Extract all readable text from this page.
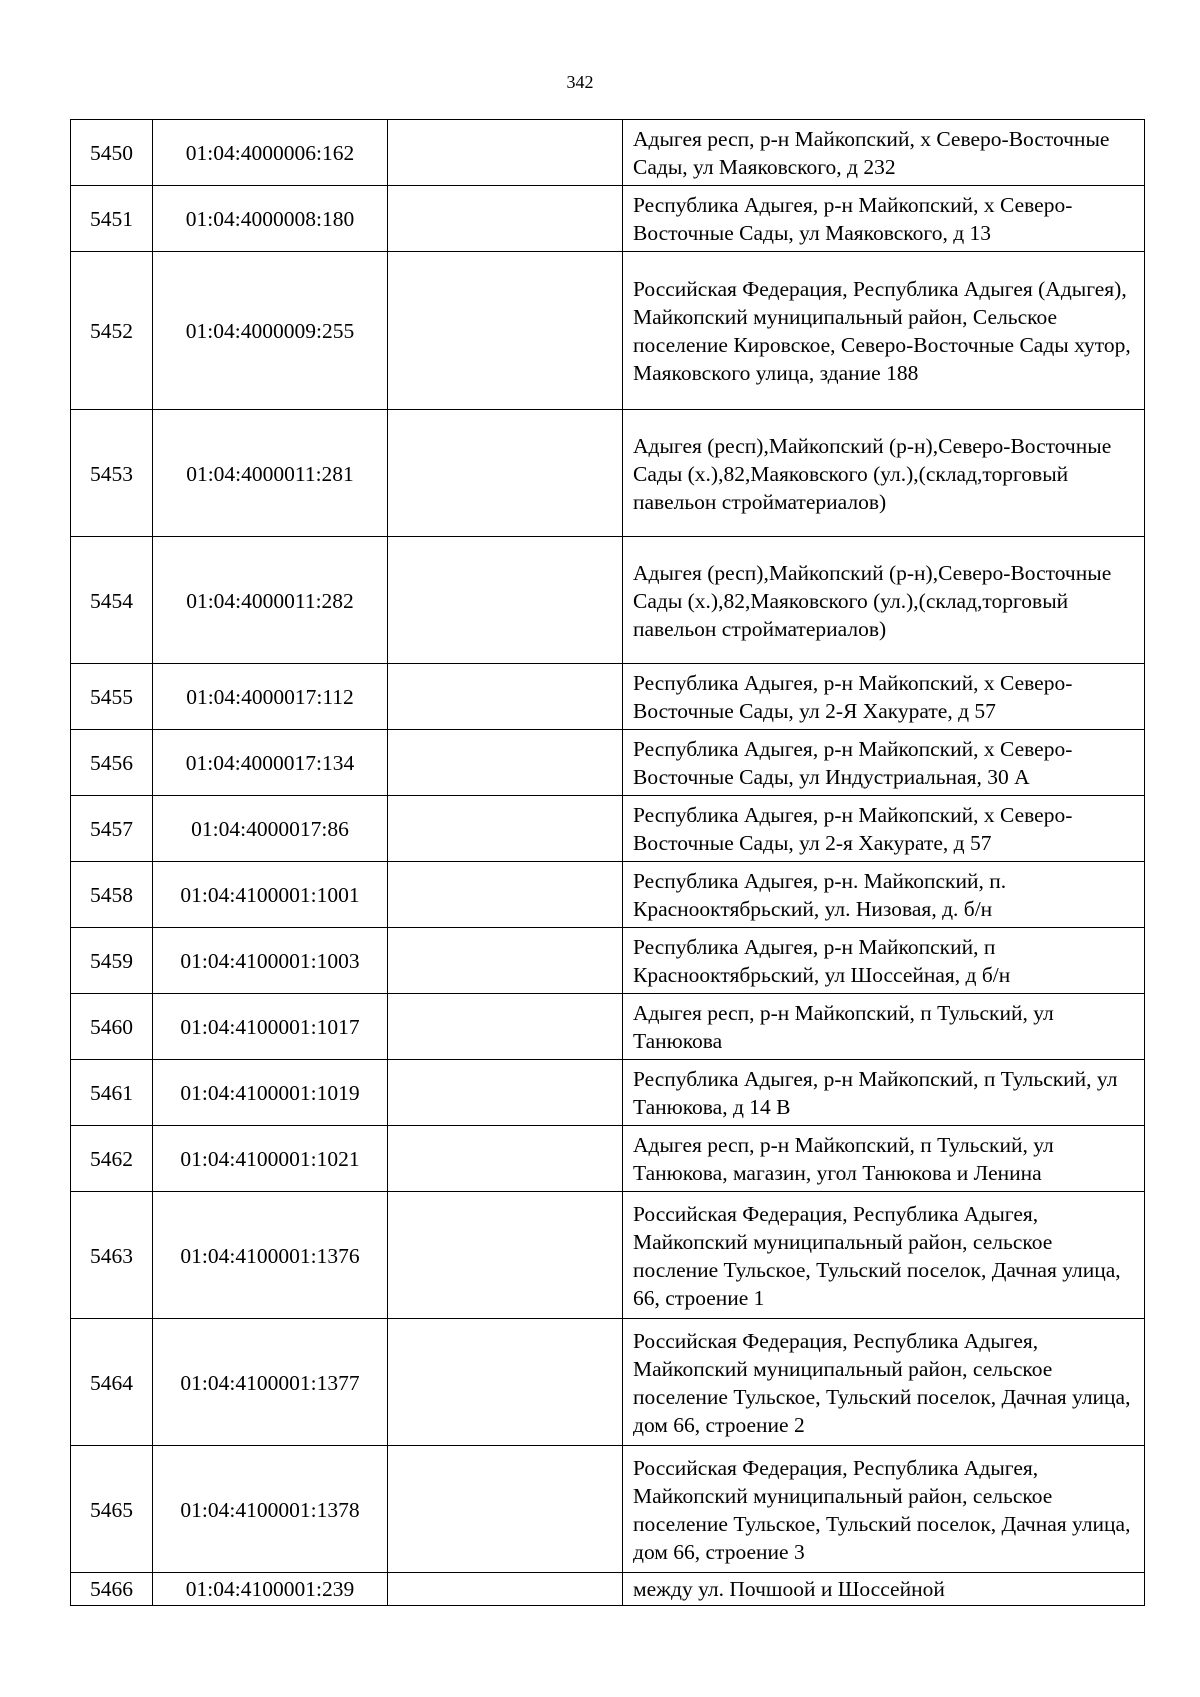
342
5450	01:04:4000006:162		Адыгея респ, р-н Майкопский, х Северо-Восточные Сады, ул Маяковского, д 232
5451	01:04:4000008:180		Республика Адыгея, р-н Майкопский, х Северо-Восточные Сады, ул Маяковского, д 13
5452	01:04:4000009:255		Российская Федерация, Республика Адыгея (Адыгея), Майкопский муниципальный район, Сельское поселение Кировское, Северо-Восточные Сады хутор, Маяковского улица, здание 188
5453	01:04:4000011:281		Адыгея (респ),Майкопский (р-н),Северо-Восточные Сады (х.),82,Маяковского (ул.),(склад,торговый павельон стройматериалов)
5454	01:04:4000011:282		Адыгея (респ),Майкопский (р-н),Северо-Восточные Сады (х.),82,Маяковского (ул.),(склад,торговый павельон стройматериалов)
5455	01:04:4000017:112		Республика Адыгея, р-н Майкопский, х Северо-Восточные Сады, ул 2-Я Хакурате, д 57
5456	01:04:4000017:134		Республика Адыгея, р-н Майкопский, х Северо-Восточные Сады, ул Индустриальная, 30 А
5457	01:04:4000017:86		Республика Адыгея, р-н Майкопский, х Северо-Восточные Сады, ул 2-я Хакурате, д 57
5458	01:04:4100001:1001		Республика Адыгея, р-н. Майкопский, п. Краснооктябрьский, ул. Низовая, д. б/н
5459	01:04:4100001:1003		Республика Адыгея, р-н Майкопский, п Краснооктябрьский, ул Шоссейная, д б/н
5460	01:04:4100001:1017		Адыгея респ, р-н Майкопский, п Тульский, ул Танюкова
5461	01:04:4100001:1019		Республика Адыгея, р-н Майкопский, п Тульский, ул Танюкова, д 14 В
5462	01:04:4100001:1021		Адыгея респ, р-н Майкопский, п Тульский, ул Танюкова, магазин, угол Танюкова и Ленина
5463	01:04:4100001:1376		Российская Федерация, Республика Адыгея, Майкопский муниципальный район, сельское посление Тульское, Тульский поселок, Дачная улица, 66, строение 1
5464	01:04:4100001:1377		Российская Федерация, Республика Адыгея, Майкопский муниципальный район, сельское поселение Тульское, Тульский поселок, Дачная улица, дом 66, строение 2
5465	01:04:4100001:1378		Российская Федерация, Республика Адыгея, Майкопский муниципальный район, сельское поселение Тульское, Тульский поселок, Дачная улица, дом 66, строение 3
5466	01:04:4100001:239		между ул. Почшоой и Шоссейной
